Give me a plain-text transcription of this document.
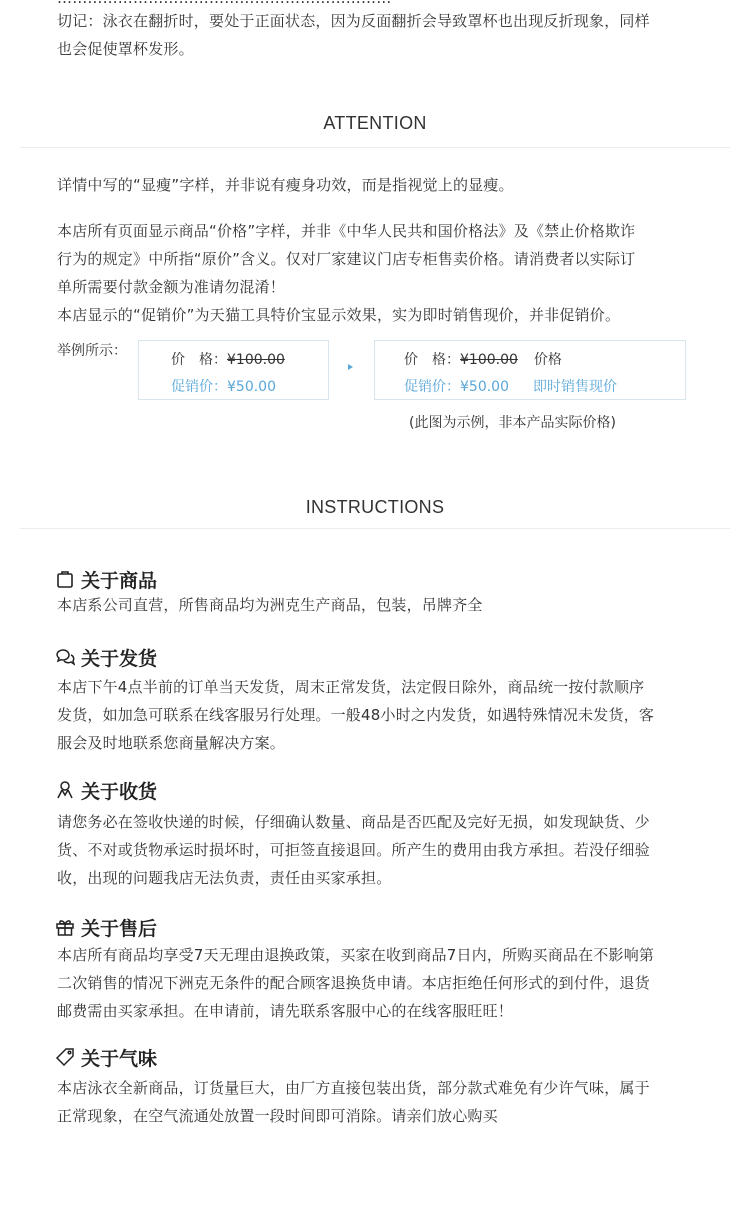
切记：泳衣在翻折时，要处于正面状态，因为反面翻折会导致罩杯也出现反折现象，同样
也会促使罩杯发形。
ATTENTION
详情中写的“显瘦”字样，并非说有瘦身功效，而是指视觉上的显瘦。
本店所有页面显示商品“价格”字样，并非《中华人民共和国价格法》及《禁止价格欺诈
行为的规定》中所指“原价”含义。仅对厂家建议门店专柜售卖价格。请消费者以实际订
单所需要付款金额为准请勿混淆！
本店显示的“促销价”为天猫工具特价宝显示效果，实为即时销售现价，并非促销价。
举例所示：
价　格：¥100.00
促销价：¥50.00
价　格：¥100.00 价格
促销价：¥50.00 即时销售现价
(此图为示例，非本产品实际价格)
INSTRUCTIONS
关于商品
本店系公司直营，所售商品均为洲克生产商品，包装，吊牌齐全
关于发货
本店下午4点半前的订单当天发货，周末正常发货，法定假日除外，商品统一按付款顺序
发货，如加急可联系在线客服另行处理。一般48小时之内发货，如遇特殊情况未发货，客
服会及时地联系您商量解决方案。
关于收货
请您务必在签收快递的时候，仔细确认数量、商品是否匹配及完好无损，如发现缺货、少
货、不对或货物承运时损坏时，可拒签直接退回。所产生的费用由我方承担。若没仔细验
收，出现的问题我店无法负责，责任由买家承担。
关于售后
本店所有商品均享受7天无理由退换政策，买家在收到商品7日内，所购买商品在不影响第
二次销售的情况下洲克无条件的配合顾客退换货申请。本店拒绝任何形式的到付件，退货
邮费需由买家承担。在申请前，请先联系客服中心的在线客服旺旺！
关于气味
本店泳衣全新商品，订货量巨大，由厂方直接包装出货，部分款式难免有少许气味，属于
正常现象，在空气流通处放置一段时间即可消除。请亲们放心购买
